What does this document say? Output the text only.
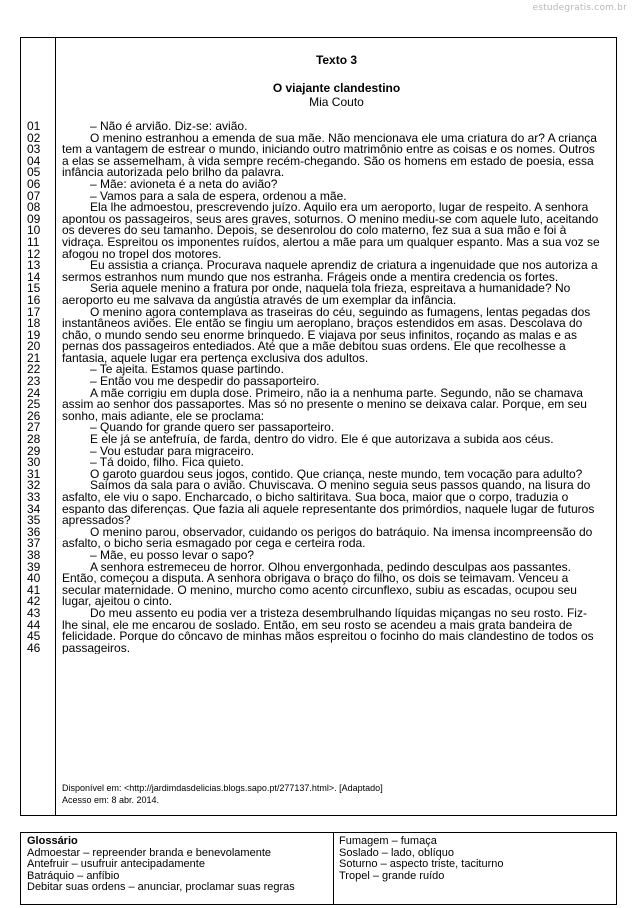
estudegratis.com.br
Texto 3
O viajante clandestino
Mia Couto
01
02
03
04
05
06
07
08
09
10
11
12
13
14
15
16
17
18
19
20
21
22
23
24
25
26
27
28
29
30
31
32
33
34
35
36
37
38
39
40
41
42
43
44
45
46
– Não é arvião. Diz-se: avião.
O menino estranhou a emenda de sua mãe. Não mencionava ele uma criatura do ar? A criança
tem a vantagem de estrear o mundo, iniciando outro matrimônio entre as coisas e os nomes. Outros
a elas se assemelham, à vida sempre recém-chegando. São os homens em estado de poesia, essa
infância autorizada pelo brilho da palavra.
– Mãe: avioneta é a neta do avião?
– Vamos para a sala de espera, ordenou a mãe.
Ela lhe admoestou, prescrevendo juízo. Aquilo era um aeroporto, lugar de respeito. A senhora
apontou os passageiros, seus ares graves, soturnos. O menino mediu-se com aquele luto, aceitando
os deveres do seu tamanho. Depois, se desenrolou do colo materno, fez sua a sua mão e foi à
vidraça. Espreitou os imponentes ruídos, alertou a mãe para um qualquer espanto. Mas a sua voz se
afogou no tropel dos motores.
Eu assistia a criança. Procurava naquele aprendiz de criatura a ingenuidade que nos autoriza a
sermos estranhos num mundo que nos estranha. Frágeis onde a mentira credencia os fortes.
Seria aquele menino a fratura por onde, naquela tola frieza, espreitava a humanidade? No
aeroporto eu me salvava da angústia através de um exemplar da infância.
O menino agora contemplava as traseiras do céu, seguindo as fumagens, lentas pegadas dos
instantâneos aviões. Ele então se fingiu um aeroplano, braços estendidos em asas. Descolava do
chão, o mundo sendo seu enorme brinquedo. E viajava por seus infinitos, roçando as malas e as
pernas dos passageiros entediados. Até que a mãe debitou suas ordens. Ele que recolhesse a
fantasia, aquele lugar era pertença exclusiva dos adultos.
– Te ajeita. Estamos quase partindo.
– Então vou me despedir do passaporteiro.
A mãe corrigiu em dupla dose. Primeiro, não ia a nenhuma parte. Segundo, não se chamava
assim ao senhor dos passaportes. Mas só no presente o menino se deixava calar. Porque, em seu
sonho, mais adiante, ele se proclama:
– Quando for grande quero ser passaporteiro.
E ele já se antefruía, de farda, dentro do vidro. Ele é que autorizava a subida aos céus.
– Vou estudar para migraceiro.
– Tá doido, filho. Fica quieto.
O garoto guardou seus jogos, contido. Que criança, neste mundo, tem vocação para adulto?
Saímos da sala para o avião. Chuviscava. O menino seguia seus passos quando, na lisura do
asfalto, ele viu o sapo. Encharcado, o bicho saltiritava. Sua boca, maior que o corpo, traduzia o
espanto das diferenças. Que fazia ali aquele representante dos primórdios, naquele lugar de futuros
apressados?
O menino parou, observador, cuidando os perigos do batráquio. Na imensa incompreensão do
asfalto, o bicho seria esmagado por cega e certeira roda.
– Mãe, eu posso levar o sapo?
A senhora estremeceu de horror. Olhou envergonhada, pedindo desculpas aos passantes.
Então, começou a disputa. A senhora obrigava o braço do filho, os dois se teimavam. Venceu a
secular maternidade. O menino, murcho como acento circunflexo, subiu as escadas, ocupou seu
lugar, ajeitou o cinto.
Do meu assento eu podia ver a tristeza desembrulhando líquidas miçangas no seu rosto. Fiz-
lhe sinal, ele me encarou de soslado. Então, em seu rosto se acendeu a mais grata bandeira de
felicidade. Porque do côncavo de minhas mãos espreitou o focinho do mais clandestino de todos os
passageiros.
Disponível em: <http://jardimdasdelicias.blogs.sapo.pt/277137.html>. [Adaptado]
Acesso em: 8 abr. 2014.
Glossário
Admoestar – repreender branda e benevolamente
Antefruir – usufruir antecipadamente
Batráquio – anfíbio
Debitar suas ordens – anunciar, proclamar suas regras
Fumagem – fumaça
Soslado – lado, oblíquo
Soturno – aspecto triste, taciturno
Tropel – grande ruído
